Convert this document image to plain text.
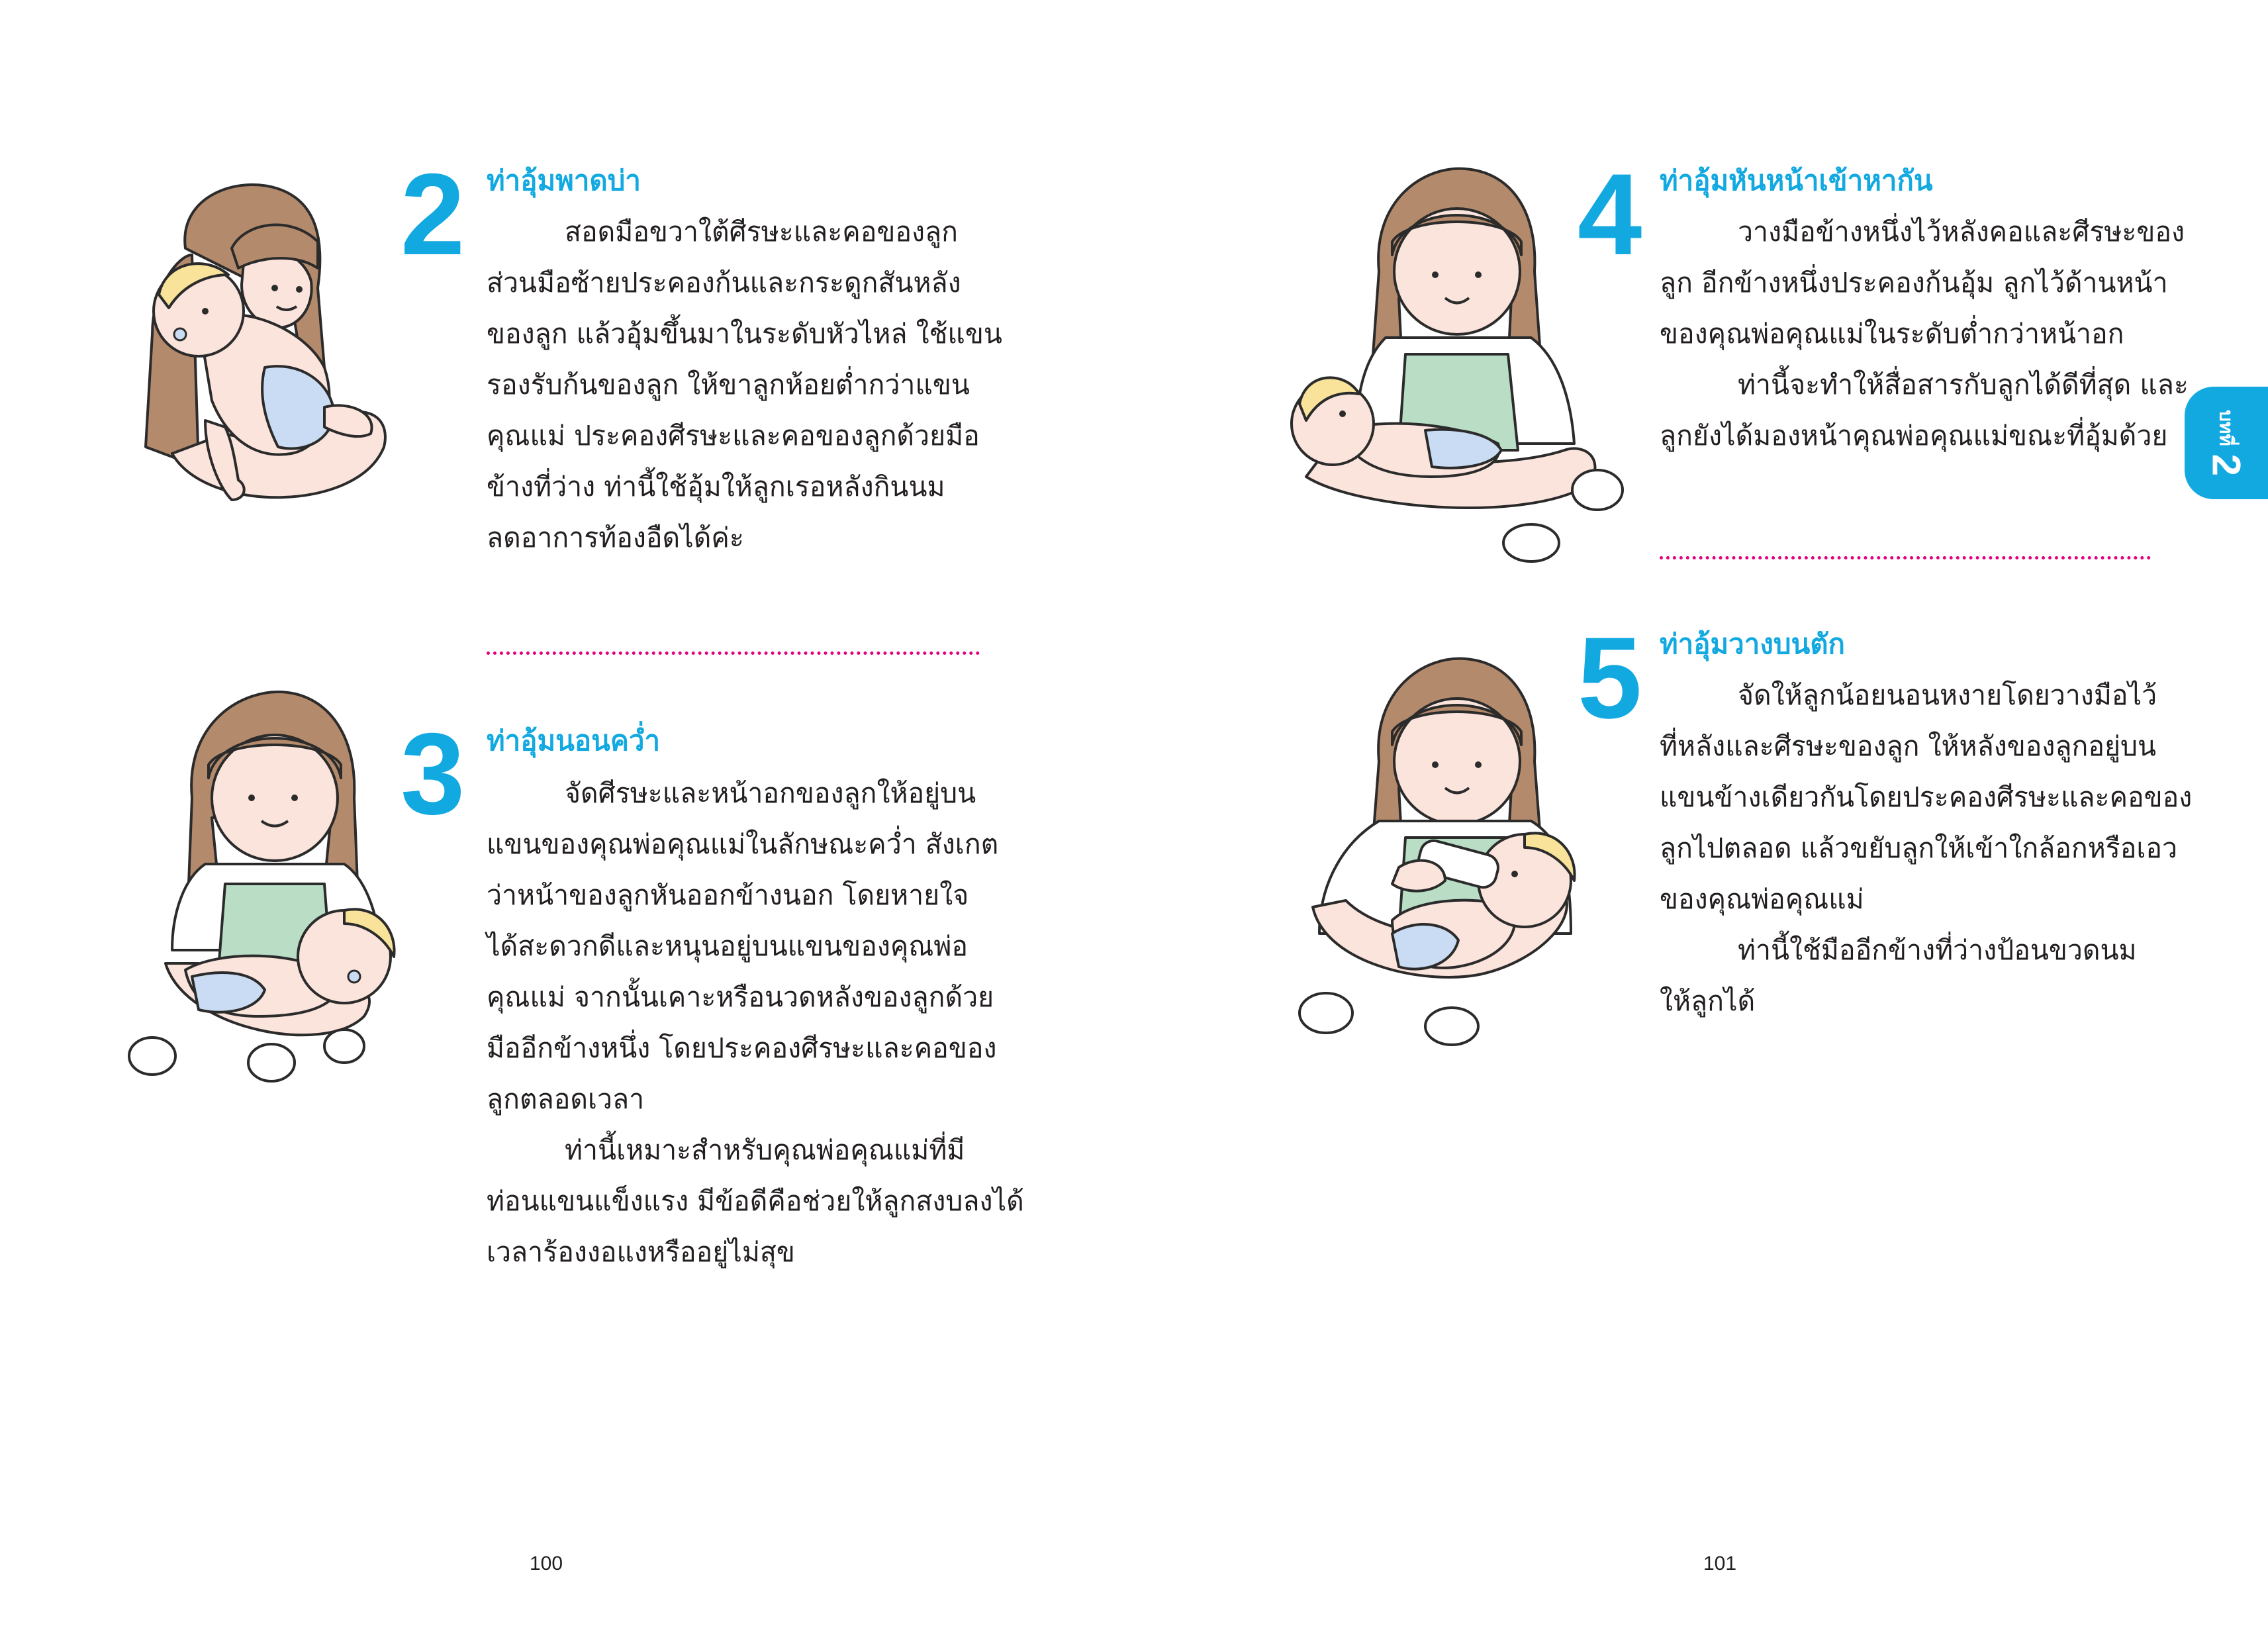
2 ท่าอุ้มพาดบ่า
สอดมือขวาใต้ศีรษะและคอของลูก
ส่วนมือซ้ายประคองก้นและกระดูกสันหลัง
ของลูก แล้วอุ้มขึ้นมาในระดับหัวไหล่ ใช้แขน
รองรับก้นของลูก ให้ขาลูกห้อยต่ำกว่าแขน
คุณแม่ ประคองศีรษะและคอของลูกด้วยมือ
ข้างที่ว่าง ท่านี้ใช้อุ้มให้ลูกเรอหลังกินนม
ลดอาการท้องอืดได้ค่ะ
3 ท่าอุ้มนอนคว่ำ
จัดศีรษะและหน้าอกของลูกให้อยู่บน
แขนของคุณพ่อคุณแม่ในลักษณะคว่ำ สังเกต
ว่าหน้าของลูกหันออกข้างนอก โดยหายใจ
ได้สะดวกดีและหนุนอยู่บนแขนของคุณพ่อ
คุณแม่ จากนั้นเคาะหรือนวดหลังของลูกด้วย
มืออีกข้างหนึ่ง โดยประคองศีรษะและคอของ
ลูกตลอดเวลา
ท่านี้เหมาะสำหรับคุณพ่อคุณแม่ที่มี
ท่อนแขนแข็งแรง มีข้อดีคือช่วยให้ลูกสงบลงได้
เวลาร้องงอแงหรืออยู่ไม่สุข
100
4 ท่าอุ้มหันหน้าเข้าหากัน
วางมือข้างหนึ่งไว้หลังคอและศีรษะของ
ลูก อีกข้างหนึ่งประคองก้นอุ้ม ลูกไว้ด้านหน้า
ของคุณพ่อคุณแม่ในระดับต่ำกว่าหน้าอก
ท่านี้จะทำให้สื่อสารกับลูกได้ดีที่สุด และ
ลูกยังได้มองหน้าคุณพ่อคุณแม่ขณะที่อุ้มด้วย
5 ท่าอุ้มวางบนตัก
จัดให้ลูกน้อยนอนหงายโดยวางมือไว้
ที่หลังและศีรษะของลูก ให้หลังของลูกอยู่บน
แขนข้างเดียวกันโดยประคองศีรษะและคอของ
ลูกไปตลอด แล้วขยับลูกให้เข้าใกล้อกหรือเอว
ของคุณพ่อคุณแม่
ท่านี้ใช้มืออีกข้างที่ว่างป้อนขวดนม
ให้ลูกได้
101
บทที่
2
